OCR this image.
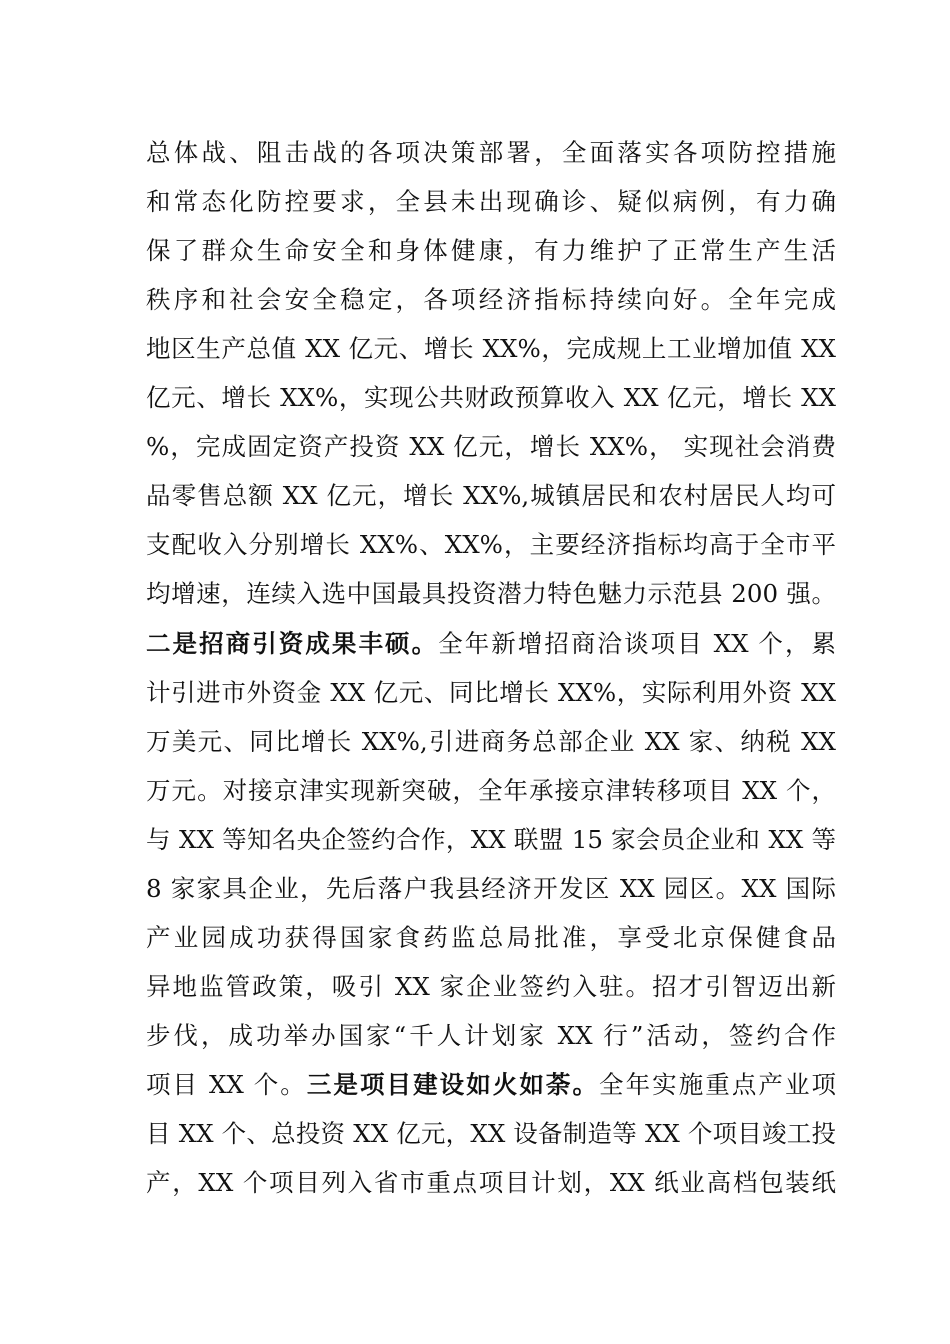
总体战、阻击战的各项决策部署，全面落实各项防控措施
和常态化防控要求，全县未出现确诊、疑似病例，有力确
保了群众生命安全和身体健康，有力维护了正常生产生活
秩序和社会安全稳定，各项经济指标持续向好。全年完成
地区生产总值 XX 亿元、增长 XX%，完成规上工业增加值 XX
亿元、增长 XX%，实现公共财政预算收入 XX 亿元，增长 XX
%，完成固定资产投资 XX 亿元，增长 XX%， 实现社会消费
品零售总额 XX 亿元，增长 XX%,城镇居民和农村居民人均可
支配收入分别增长 XX%、XX%，主要经济指标均高于全市平
均增速，连续入选中国最具投资潜力特色魅力示范县 200 强。
二是招商引资成果丰硕。全年新增招商洽谈项目 XX 个，累
计引进市外资金 XX 亿元、同比增长 XX%，实际利用外资 XX
万美元、同比增长 XX%,引进商务总部企业 XX 家、纳税 XX
万元。对接京津实现新突破，全年承接京津转移项目 XX 个，
与 XX 等知名央企签约合作，XX 联盟 15 家会员企业和 XX 等
8 家家具企业，先后落户我县经济开发区 XX 园区。XX 国际
产业园成功获得国家食药监总局批准，享受北京保健食品
异地监管政策，吸引 XX 家企业签约入驻。招才引智迈出新
步伐，成功举办国家“千人计划家 XX 行”活动，签约合作
项目 XX 个。三是项目建设如火如荼。全年实施重点产业项
目 XX 个、总投资 XX 亿元，XX 设备制造等 XX 个项目竣工投
产，XX 个项目列入省市重点项目计划，XX 纸业高档包装纸
